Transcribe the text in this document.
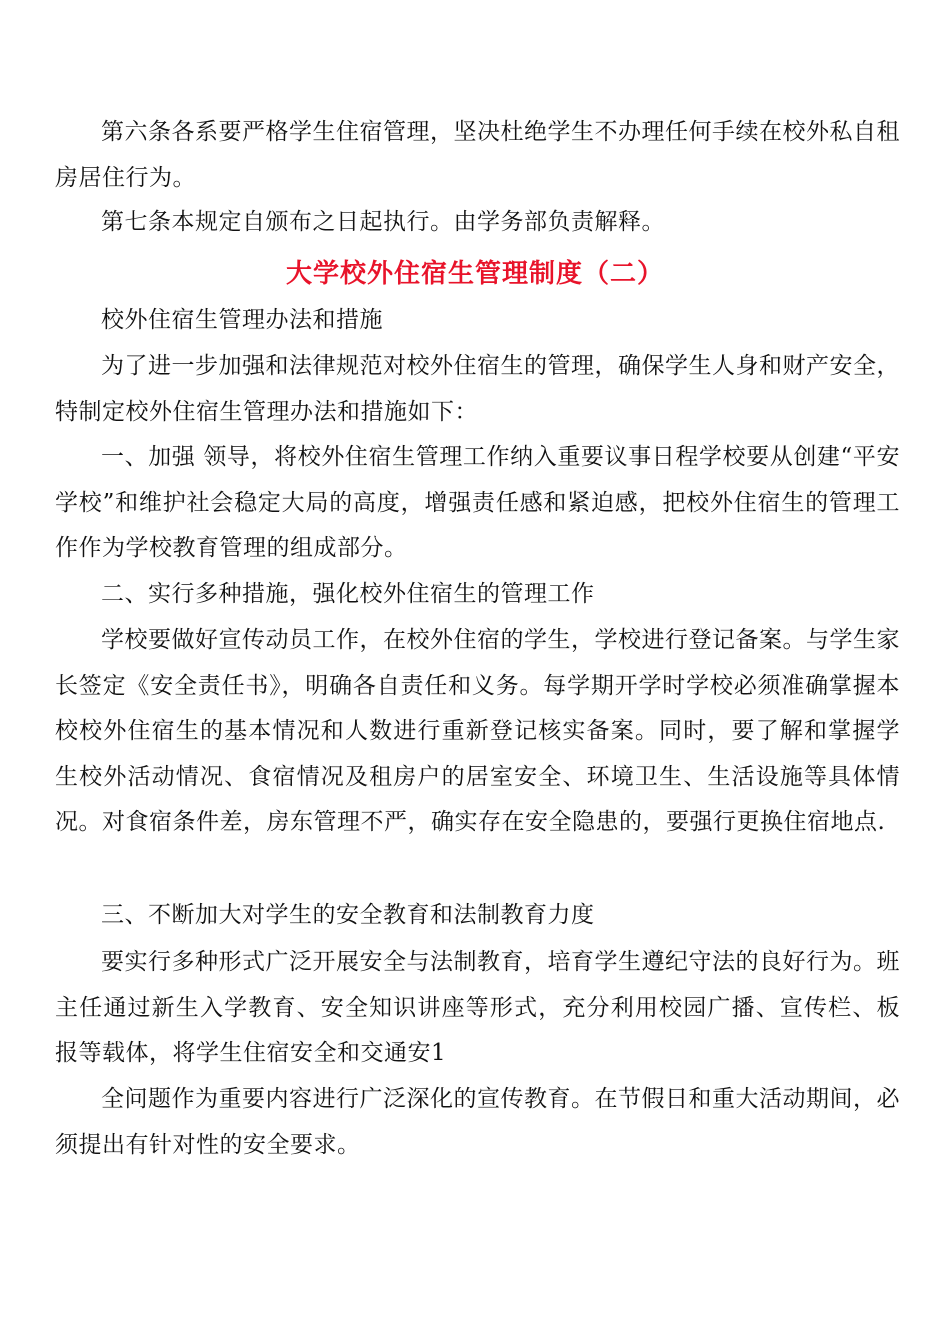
第六条各系要严格学生住宿管理，坚决杜绝学生不办理任何手续在校外私自租房居住行为。

第七条本规定自颁布之日起执行。由学务部负责解释。

大学校外住宿生管理制度（二）

校外住宿生管理办法和措施

为了进一步加强和法律规范对校外住宿生的管理，确保学生人身和财产安全，特制定校外住宿生管理办法和措施如下：

一、加强 领导，将校外住宿生管理工作纳入重要议事日程学校要从创建“平安学校”和维护社会稳定大局的高度，增强责任感和紧迫感，把校外住宿生的管理工作作为学校教育管理的组成部分。

二、实行多种措施，强化校外住宿生的管理工作

学校要做好宣传动员工作，在校外住宿的学生，学校进行登记备案。与学生家长签定《安全责任书》，明确各自责任和义务。每学期开学时学校必须准确掌握本校校外住宿生的基本情况和人数进行重新登记核实备案。同时，要了解和掌握学生校外活动情况、食宿情况及租房户的居室安全、环境卫生、生活设施等具体情况。对食宿条件差，房东管理不严，确实存在安全隐患的，要强行更换住宿地点.

三、不断加大对学生的安全教育和法制教育力度

要实行多种形式广泛开展安全与法制教育，培育学生遵纪守法的良好行为。班主任通过新生入学教育、安全知识讲座等形式，充分利用校园广播、宣传栏、板报等载体，将学生住宿安全和交通安1

全问题作为重要内容进行广泛深化的宣传教育。在节假日和重大活动期间，必须提出有针对性的安全要求。
